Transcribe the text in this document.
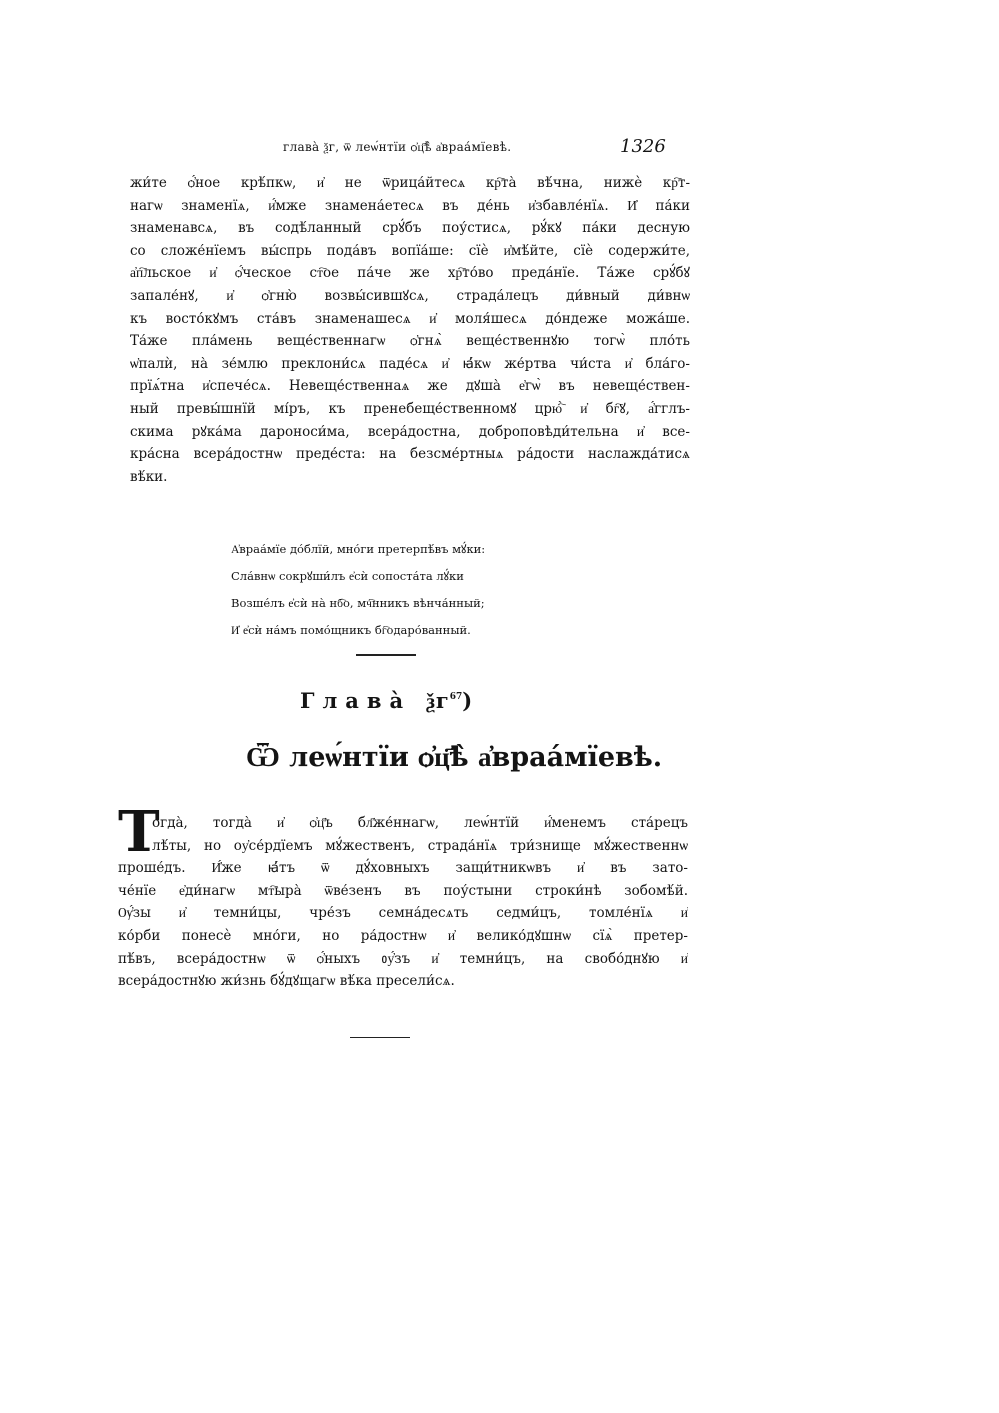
глава̀ ѯг, ѿ леѡ́нтїи ѻ҆ц҃ѣ̀ а҆враа́мїевѣ.	1326
жи́те ѻ҆́ное крѣ́пкѡ, и҆ не ѿрица́йтесѧ кр҇та̀ вѣ́чна, нижѐ кр҇т-
нагѡ знаменїѧ, и҆́мже знамена́етесѧ въ де́нь и҆збавле́нїѧ. И҆ па́ки
знаменавсѧ, въ содѣ́ланный срꙋ́бъ поу́стисѧ, рꙋ́кꙋ па́ки десную
со сложе́нїемъ вы́спрь пода́въ вопїа́ше: сїѐ и҆мѣ́йте, сїѐ содержи́те,
а҆п҇льское и҆ ѻ҆́ческое ст҇ое па́че же хр҇то́во преда́нїе. Та́же срꙋ́бꙋ
запале́нꙋ, и҆ ѻ҆гню̀ возвы́сившꙋсѧ, страда́лецъ ди́вный ди́внѡ
къ восто́кꙋмъ ста́въ знаменашесѧ и҆ моля́шесѧ до́ндеже можа́ше.
Та́же пла́мень веще́ственнагѡ ѻ҆гнѧ̀ веще́ственнꙋю тогѡ̀ пло́ть
ѡ҆палѝ, на̀ зе́млю преклони́сѧ паде́сѧ и҆ ꙗ҆́кѡ же́ртва чи́ста и҆ бла́го-
прїѧ́тна и҆спече́сѧ. Невеще́ственнаѧ же дꙋша̀ е҆гѡ̀ въ невеще́ствен-
ный превы́шнїй мі́ръ, къ пренебеще́ственномꙋ црю҇̀ и҆ бг҇ꙋ, а҆́гглъ-
скима рꙋка́ма дароноси́ма, всера́достна, доброповѣди́тельна и҆ все-
кра́сна всера́достнѡ преде́ста: на безсме́ртныѧ ра́дости наслажда́тисѧ
вѣ́ки.
А҆враа́мїе до́блїй, мно́ги претерпѣ́въ мꙋ́ки:
Сла́внѡ сокрꙋши́лъ е҆сѝ сопоста́та лꙋ́ки
Возше́лъ е҆сѝ на̀ нб҇о, мч҇нникъ вѣнча́нный;
И҆ е҆сѝ на́мъ помо́щникъ бг҇одаро́ванный.
Глава̀ $ѯг^{67}$)
Ѿ леѡ́нтїи ѻ҆ц҃ѣ̀ а҆враа́мїевѣ.
Т
огда̀, тогда̀ и҆ ѻ҆ц҃ъ бл҃же́ннагѡ, леѡ́нтїй и҆́менемъ ста́рецъ
лѣ́ты, но оу҆се́рдїемъ мꙋ́жественъ, страда́нїѧ три́знище мꙋ́жественнѡ
проше́дъ. И҆́же ꙗ҆́тъ ѿ дꙋ́ховныхъ защи́тникѡвъ и҆ въ зато-
че́нїе е҆ди́нагѡ мт҇ыра̀ ѿве́зенъ въ поу́стыни строки́нѣ зобомѣ́й.
Ѹ҆́зы и҆ темни́цы, чре́зъ семна́десѧть седми́цъ, томле́нїѧ и҆
ко́рби понесѐ мно́ги, но ра́достнѡ и҆ велико́дꙋшнѡ сїѧ̀ претер-
пѣ́въ, всера́достнѡ ѿ ѻ҆́ныхъ ᲂу҆́зъ и҆ темни́цъ, на свобо́днꙋю и҆
всера́достнꙋю жи́знь бꙋ́дꙋщагѡ вѣ́ка пресели́сѧ.
